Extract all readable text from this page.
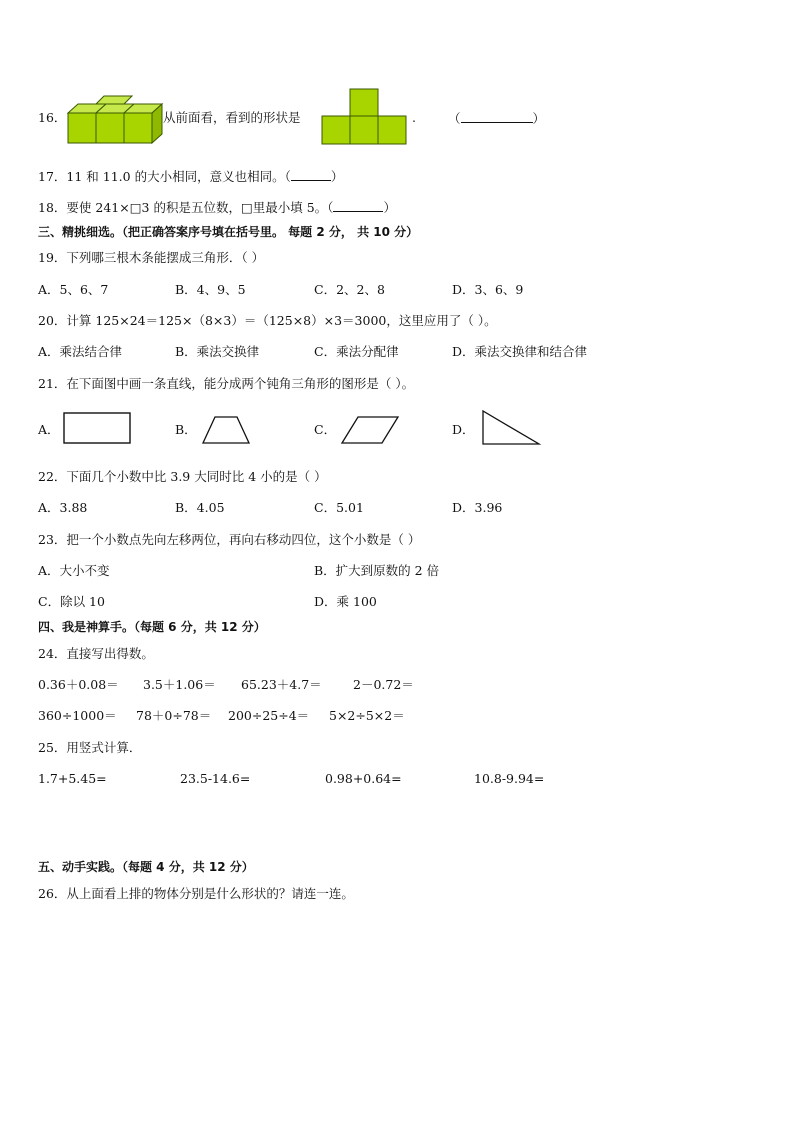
16．	从前面看，看到的形状是	.	（	）
17．11 和 11.0 的大小相同，意义也相同。（	）
18．要使 241×□3 的积是五位数，□里最小填 5。（	）
三、精挑细选。（把正确答案序号填在括号里。 每题 2 分， 共 10 分）
19．下列哪三根木条能摆成三角形．（ ）
A．5、6、7	B．4、9、5	C．2、2、8	D．3、6、9
20．计算 125×24＝125×（8×3）＝（125×8）×3＝3000，这里应用了（ ）。
A．乘法结合律	B．乘法交换律	C．乘法分配律	D．乘法交换律和结合律
21．在下面图中画一条直线，能分成两个钝角三角形的图形是（ ）。
A．	B．	C．	D．
22．下面几个小数中比 3.9 大同时比 4 小的是（ ）
A．3.88	B．4.05	C．5.01	D．3.96
23．把一个小数点先向左移两位，再向右移动四位，这个小数是（ ）
A．大小不变	B．扩大到原数的 2 倍
C．除以 10	D．乘 100
四、我是神算手。（每题 6 分，共 12 分）
24．直接写出得数。
0.36＋0.08＝ 3.5＋1.06＝ 65.23＋4.7＝	2－0.72＝
360÷1000＝ 78＋0÷78＝ 200÷25÷4＝ 5×2÷5×2＝
25．用竖式计算．
1.7+5.45=	23.5-14.6=	0.98+0.64=	10.8-9.94=
五、动手实践。（每题 4 分，共 12 分）
26．从上面看上排的物体分别是什么形状的？请连一连。
